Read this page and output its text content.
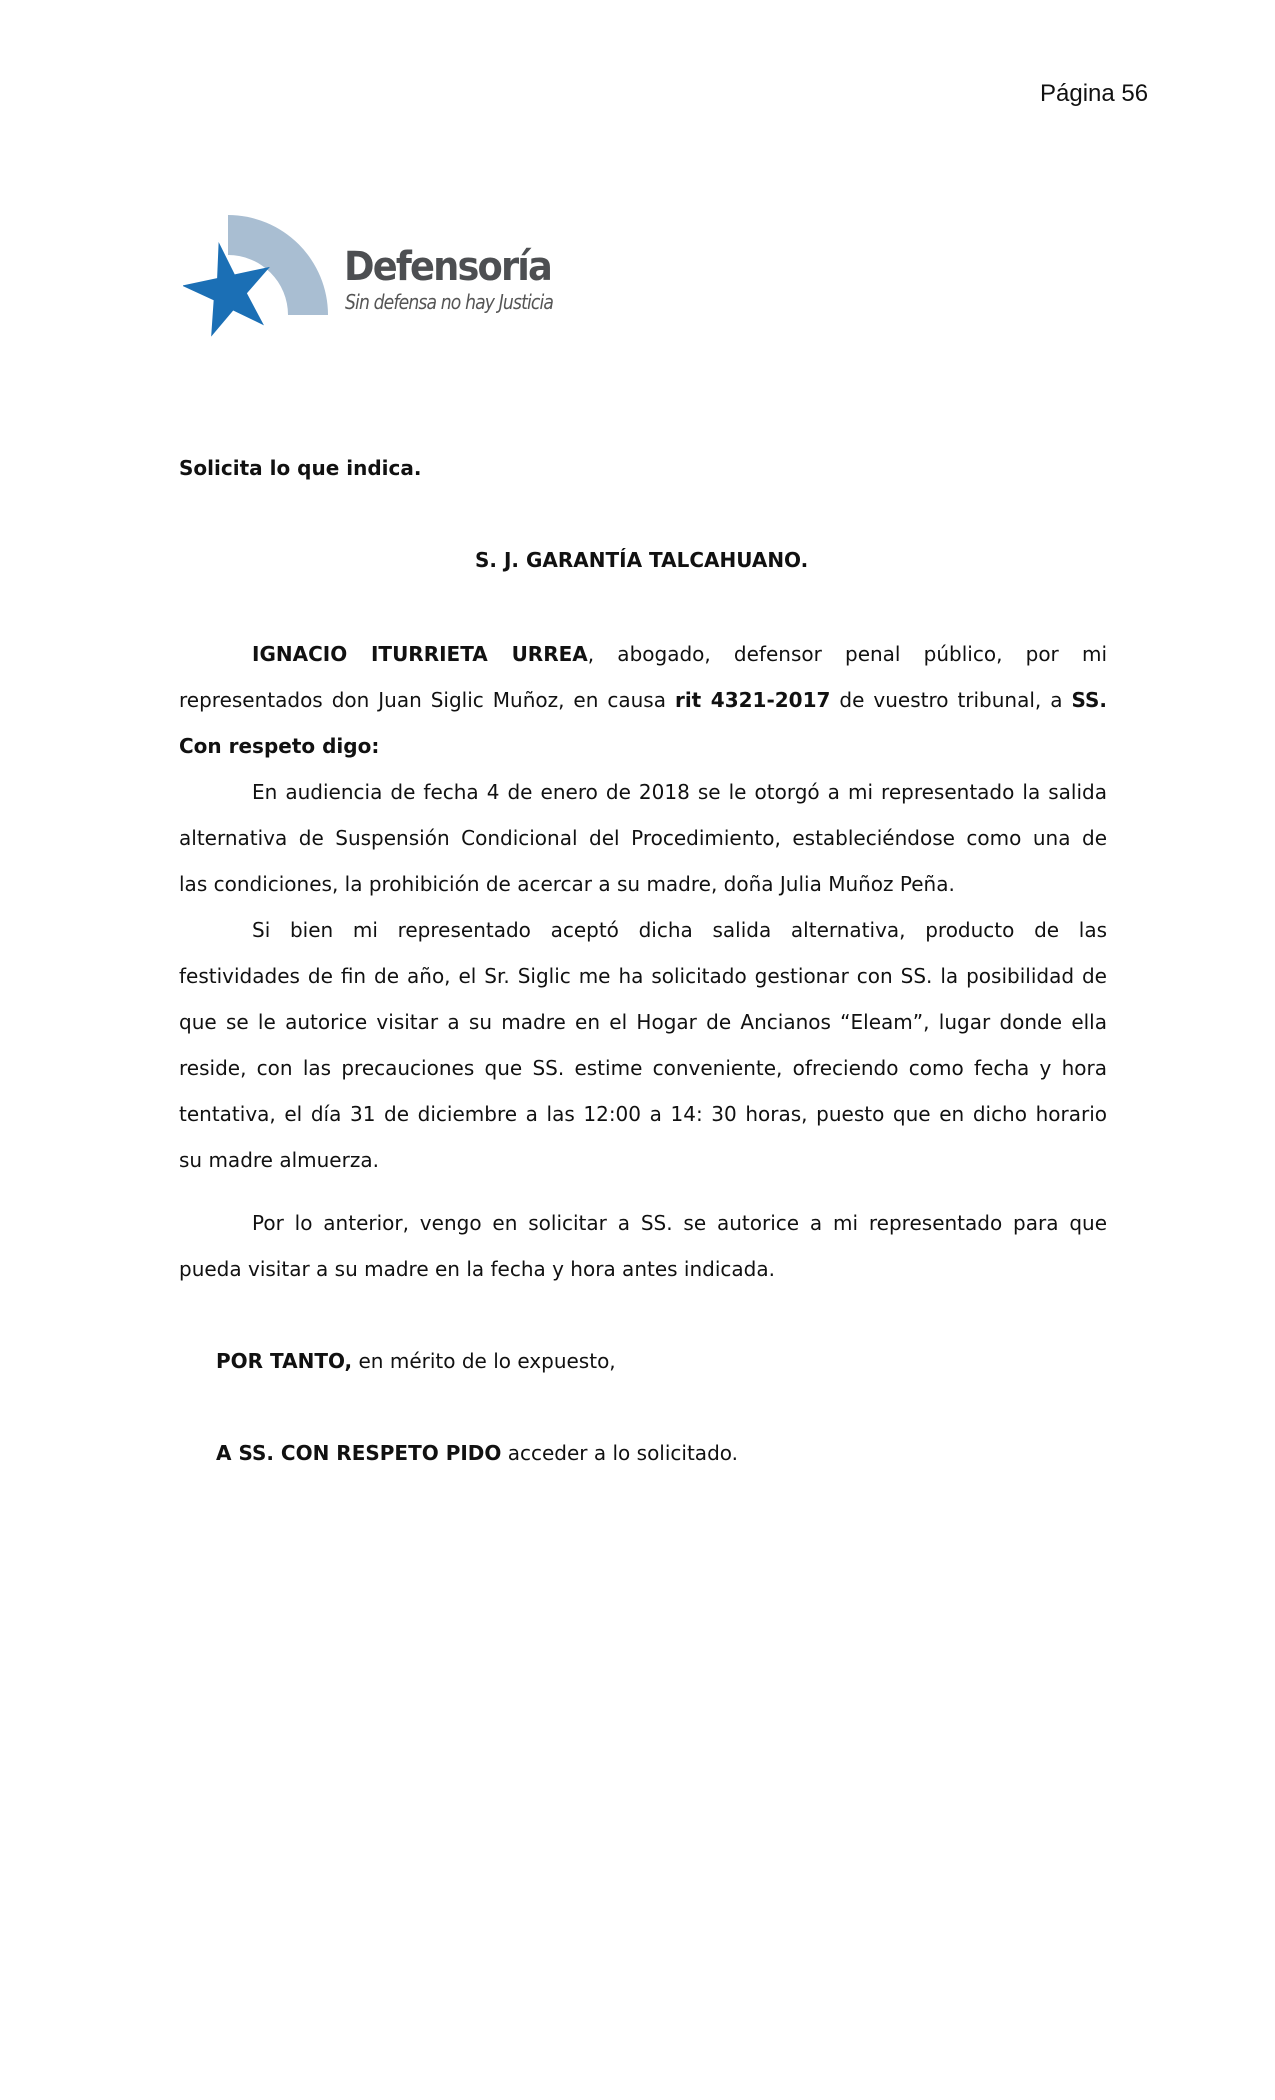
Página 56
Defensoría
Sin defensa no hay Justicia
Solicita lo que indica.
S. J. GARANTÍA TALCAHUANO.
IGNACIO ITURRIETA URREA, abogado, defensor penal público, por mi
representados don Juan Siglic Muñoz, en causa rit 4321-2017 de vuestro tribunal, a SS.
Con respeto digo:
En audiencia de fecha 4 de enero de 2018 se le otorgó a mi representado la salida
alternativa de Suspensión Condicional del Procedimiento, estableciéndose como una de
las condiciones, la prohibición de acercar a su madre, doña Julia Muñoz Peña.
Si bien mi representado aceptó dicha salida alternativa, producto de las
festividades de fin de año, el Sr. Siglic me ha solicitado gestionar con SS. la posibilidad de
que se le autorice visitar a su madre en el Hogar de Ancianos “Eleam”, lugar donde ella
reside, con las precauciones que SS. estime conveniente, ofreciendo como fecha y hora
tentativa, el día 31 de diciembre a las 12:00 a 14: 30 horas, puesto que en dicho horario
su madre almuerza.
Por lo anterior, vengo en solicitar a SS. se autorice a mi representado para que
pueda visitar a su madre en la fecha y hora antes indicada.
POR TANTO, en mérito de lo expuesto,
A SS. CON RESPETO PIDO acceder a lo solicitado.
